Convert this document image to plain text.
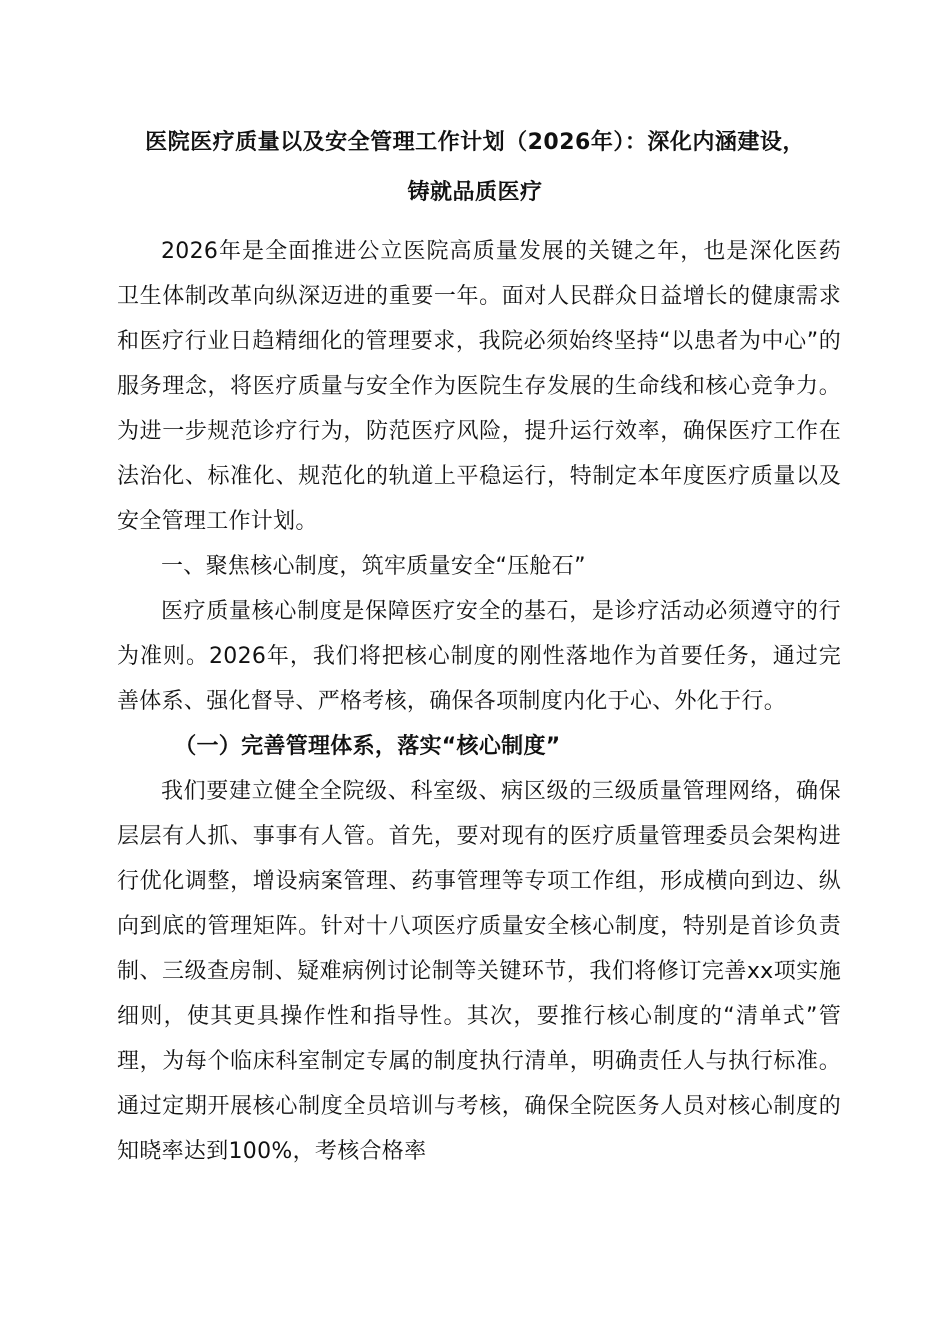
医院医疗质量以及安全管理工作计划（2026年）：深化内涵建设，
铸就品质医疗

2026年是全面推进公立医院高质量发展的关键之年，也是深化医药卫生体制改革向纵深迈进的重要一年。面对人民群众日益增长的健康需求和医疗行业日趋精细化的管理要求，我院必须始终坚持“以患者为中心”的服务理念，将医疗质量与安全作为医院生存发展的生命线和核心竞争力。为进一步规范诊疗行为，防范医疗风险，提升运行效率，确保医疗工作在法治化、标准化、规范化的轨道上平稳运行，特制定本年度医疗质量以及安全管理工作计划。

一、聚焦核心制度，筑牢质量安全“压舱石”

医疗质量核心制度是保障医疗安全的基石，是诊疗活动必须遵守的行为准则。2026年，我们将把核心制度的刚性落地作为首要任务，通过完善体系、强化督导、严格考核，确保各项制度内化于心、外化于行。

（一）完善管理体系，落实“核心制度”

我们要建立健全全院级、科室级、病区级的三级质量管理网络，确保层层有人抓、事事有人管。首先，要对现有的医疗质量管理委员会架构进行优化调整，增设病案管理、药事管理等专项工作组，形成横向到边、纵向到底的管理矩阵。针对十八项医疗质量安全核心制度，特别是首诊负责制、三级查房制、疑难病例讨论制等关键环节，我们将修订完善xx项实施细则，使其更具操作性和指导性。其次，要推行核心制度的“清单式”管理，为每个临床科室制定专属的制度执行清单，明确责任人与执行标准。通过定期开展核心制度全员培训与考核，确保全院医务人员对核心制度的知晓率达到100%，考核合格率
